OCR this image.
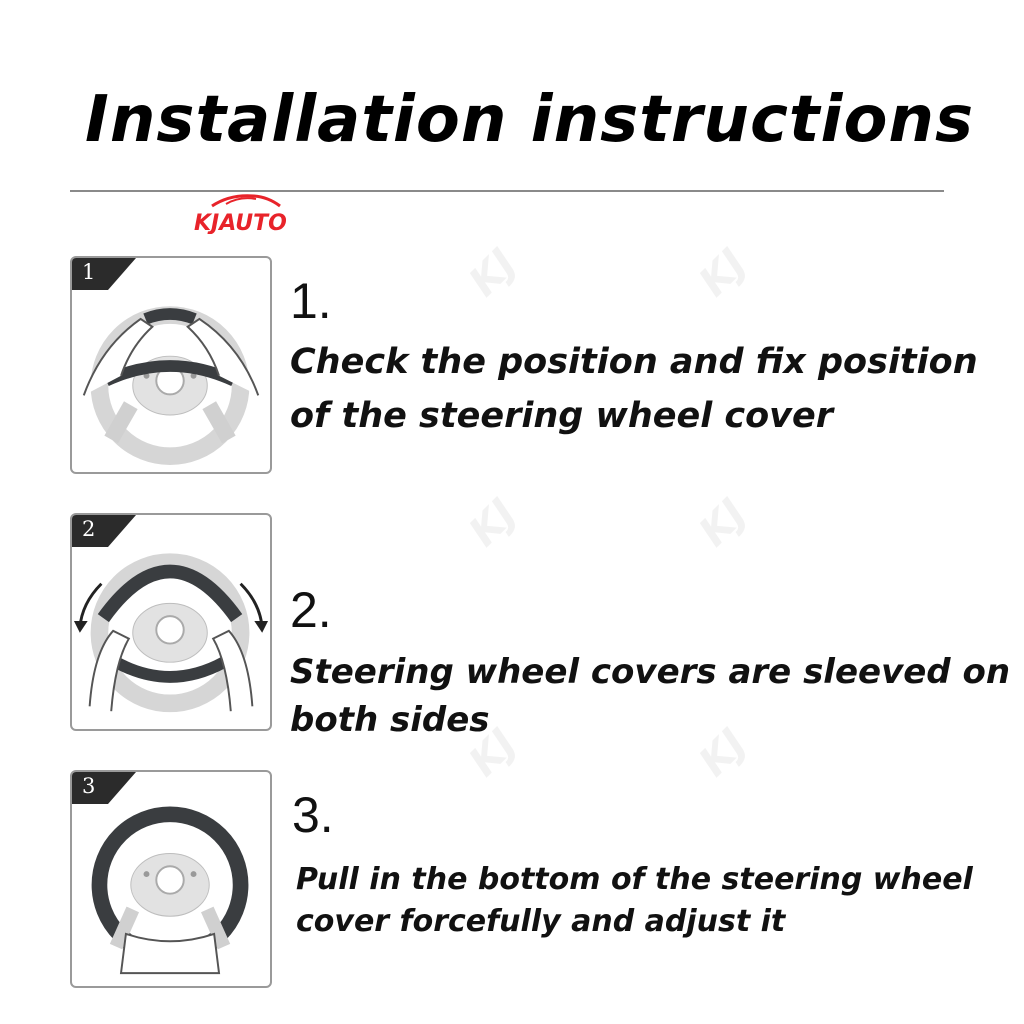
KJ	KJ
KJ	KJ
KJ	KJ
Installation instructions
KJAUTO
1
1.

Check the position and fix position

of the steering wheel cover

2
2.

Steering wheel covers are sleeved on

both sides

3
3.

Pull in the bottom of the steering wheel

cover forcefully and adjust it
